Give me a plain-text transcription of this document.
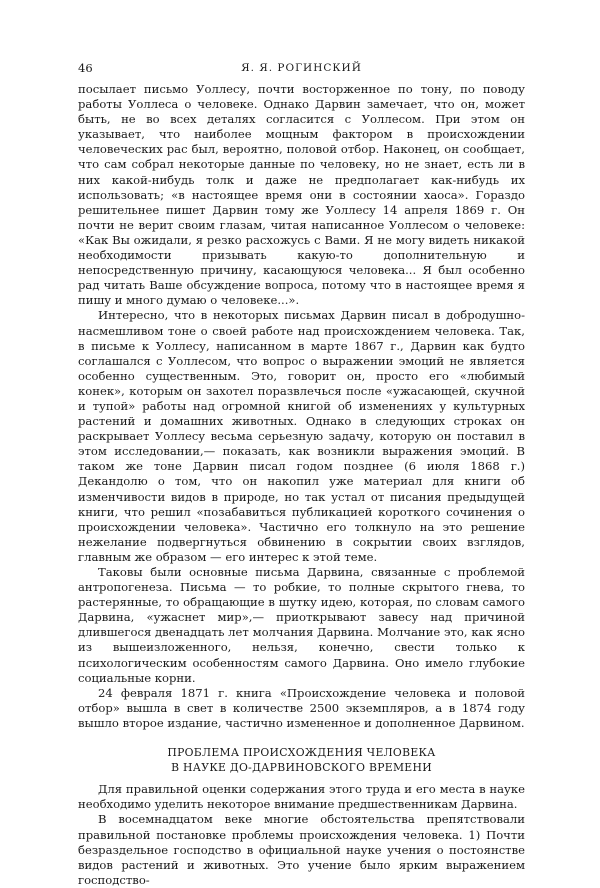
46	Я. Я. РОГИНСКИЙ

посылает письмо Уоллесу, почти восторженное по тону, по поводу работы Уоллеса о человеке. Однако Дарвин замечает, что он, может быть, не во всех деталях согласится с Уоллесом. При этом он указывает, что наиболее мощным фактором в происхождении человеческих рас был, вероятно, половой отбор. Наконец, он сообщает, что сам собрал некоторые данные по человеку, но не знает, есть ли в них какой-нибудь толк и даже не предполагает как-нибудь их использовать; «в настоящее время они в состоянии хаоса». Гораздо решительнее пишет Дарвин тому же Уоллесу 14 апреля 1869 г. Он почти не верит своим глазам, читая написанное Уоллесом о человеке: «Как Вы ожидали, я резко расхожусь с Вами. Я не могу видеть никакой необходимости призывать какую-то дополнительную и непосредственную причину, касающуюся человека... Я был особенно рад читать Ваше обсуждение вопроса, потому что в настоящее время я пишу и много думаю о человеке...».

Интересно, что в некоторых письмах Дарвин писал в добродушно-насмешливом тоне о своей работе над происхождением человека. Так, в письме к Уоллесу, написанном в марте 1867 г., Дарвин как будто соглашался с Уоллесом, что вопрос о выражении эмоций не является особенно существенным. Это, говорит он, просто его «любимый конек», которым он захотел поразвлечься после «ужасающей, скучной и тупой» работы над огромной книгой об изменениях у культурных растений и домашних животных. Однако в следующих строках он раскрывает Уоллесу весьма серьезную задачу, которую он поставил в этом исследовании,— показать, как возникли выражения эмоций. В таком же тоне Дарвин писал годом позднее (6 июля 1868 г.) Декандолю о том, что он накопил уже материал для книги об изменчивости видов в природе, но так устал от писания предыдущей книги, что решил «позабавиться публикацией короткого сочинения о происхождении человека». Частично его толкнуло на это решение нежелание подвергнуться обвинению в сокрытии своих взглядов, главным же образом — его интерес к этой теме.

Таковы были основные письма Дарвина, связанные с проблемой антропогенеза. Письма — то робкие, то полные скрытого гнева, то растерянные, то обращающие в шутку идею, которая, по словам самого Дарвина, «ужаснет мир»,— приоткрывают завесу над причиной длившегося двенадцать лет молчания Дарвина. Молчание это, как ясно из вышеизложенного, нельзя, конечно, свести только к психологическим особенностям самого Дарвина. Оно имело глубокие социальные корни.

24 февраля 1871 г. книга «Происхождение человека и половой отбор» вышла в свет в количестве 2500 экземпляров, а в 1874 году вышло второе издание, частично измененное и дополненное Дарвином.

ПРОБЛЕМА ПРОИСХОЖДЕНИЯ ЧЕЛОВЕКА
В НАУКЕ ДО-ДАРВИНОВСКОГО ВРЕМЕНИ

Для правильной оценки содержания этого труда и его места в науке необходимо уделить некоторое внимание предшественникам Дарвина.

В восемнадцатом веке многие обстоятельства препятствовали правильной постановке проблемы происхождения человека. 1) Почти безраздельное господство в официальной науке учения о постоянстве видов растений и животных. Это учение было ярким выражением господство-
